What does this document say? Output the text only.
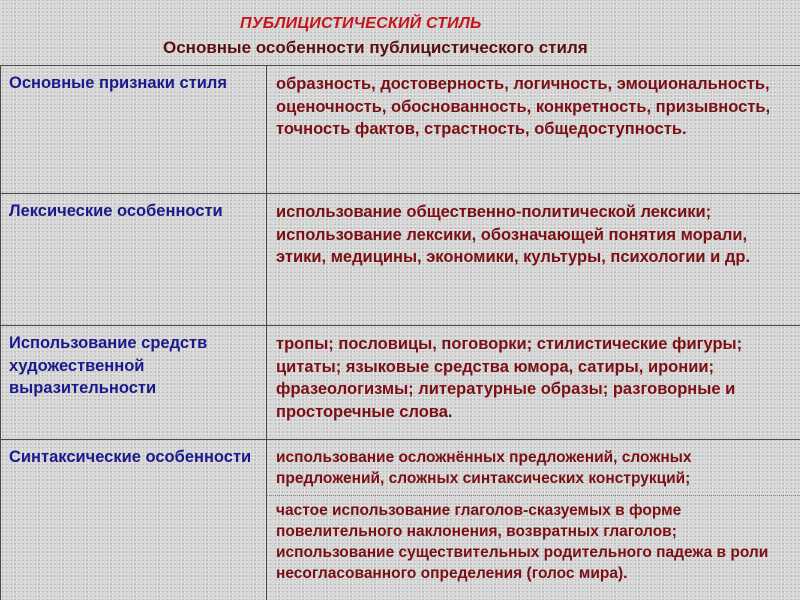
ПУБЛИЦИСТИЧЕСКИЙ СТИЛЬ
Основные особенности публицистического стиля
Основные признаки стиля	образность, достоверность, логичность, эмоциональность, оценочность, обоснованность, конкретность, призывность, точность фактов, страстность, общедоступность.

Лексические особенности	использование общественно-политической лексики;
использование лексики, обозначающей понятия морали, этики, медицины, экономики, культуры, психологии и др.

Использование средств художественной выразительности	тропы; пословицы, поговорки; стилистические фигуры; цитаты; языковые средства юмора, сатиры, иронии; фразеологизмы; литературные образы; разговорные и просторечные слова.

Синтаксические особенности	использование осложнённых предложений, сложных предложений, сложных синтаксических конструкций;
частое использование глаголов-сказуемых в форме повелительного наклонения, возвратных глаголов;
использование существительных родительного падежа в роли несогласованного определения (голос мира).
